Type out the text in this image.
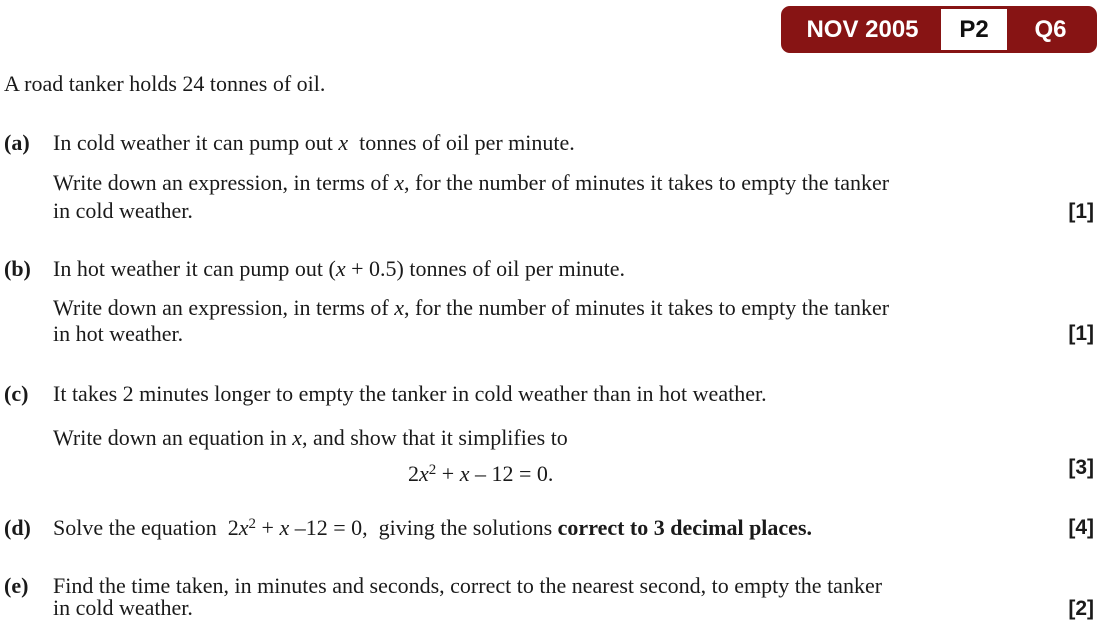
NOV 2005	P2	Q6
A road tanker holds 24 tonnes of oil.
(a) In cold weather it can pump out x  tonnes of oil per minute.
Write down an expression, in terms of x, for the number of minutes it takes to empty the tanker
in cold weather.	[1]
(b) In hot weather it can pump out (x + 0.5) tonnes of oil per minute.
Write down an expression, in terms of x, for the number of minutes it takes to empty the tanker
in hot weather.	[1]
(c) It takes 2 minutes longer to empty the tanker in cold weather than in hot weather.
Write down an equation in x, and show that it simplifies to
$2x^2 + x - 12 = 0$.	[3]
(d) Solve the equation  $2x^2 + x$ –12 = 0,  giving the solutions correct to 3 decimal places.	[4]
(e) Find the time taken, in minutes and seconds, correct to the nearest second, to empty the tanker
in cold weather.	[2]
